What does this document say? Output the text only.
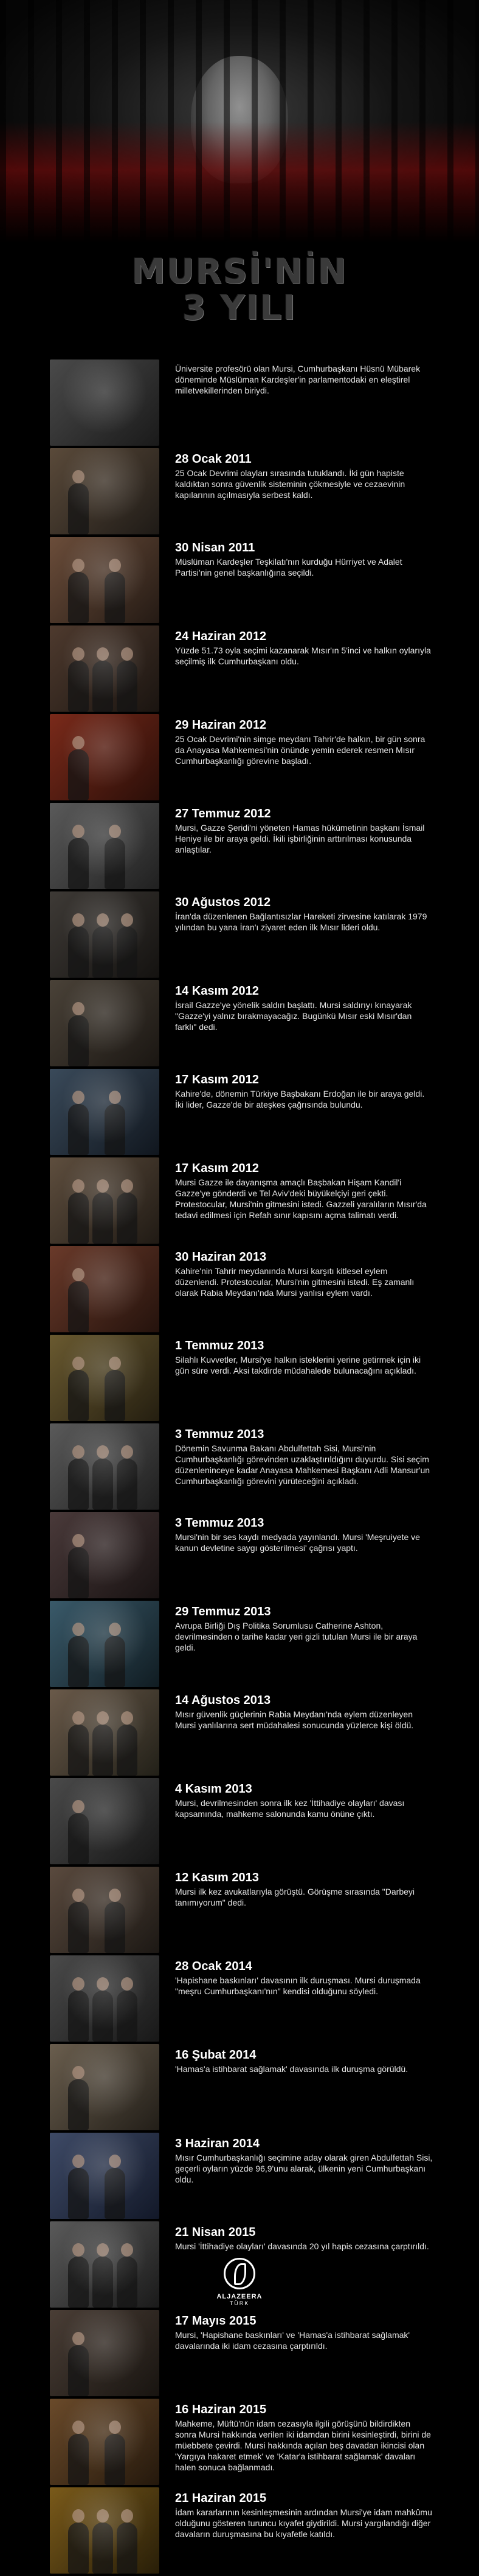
MURSİ'NİN
3 YILI
Üniversite profesörü olan Mursi, Cumhurbaşkanı Hüsnü Mübarek döneminde Müslüman Kardeşler'in parlamentodaki en eleştirel milletvekillerinden biriydi.
28 Ocak 2011
25 Ocak Devrimi olayları sırasında tutuklandı. İki gün hapiste kaldıktan sonra güvenlik sisteminin çökmesiyle ve cezaevinin kapılarının açılmasıyla serbest kaldı.
30 Nisan 2011
Müslüman Kardeşler Teşkilatı'nın kurduğu Hürriyet ve Adalet Partisi'nin genel başkanlığına seçildi.
24 Haziran 2012
Yüzde 51.73 oyla seçimi kazanarak Mısır'ın 5'inci ve halkın oylarıyla seçilmiş ilk Cumhurbaşkanı oldu.
29 Haziran 2012
25 Ocak Devrimi'nin simge meydanı Tahrir'de halkın, bir gün sonra da Anayasa Mahkemesi'nin önünde yemin ederek resmen Mısır Cumhurbaşkanlığı görevine başladı.
27 Temmuz 2012
Mursi, Gazze Şeridi'ni yöneten Hamas hükümetinin başkanı İsmail Heniye ile bir araya geldi. İkili işbirliğinin arttırılması konusunda anlaştılar.
30 Ağustos 2012
İran'da düzenlenen Bağlantısızlar Hareketi zirvesine katılarak 1979 yılından bu yana İran'ı ziyaret eden ilk Mısır lideri oldu.
14 Kasım 2012
İsrail Gazze'ye yönelik saldırı başlattı. Mursi saldırıyı kınayarak "Gazze'yi yalnız bırakmayacağız. Bugünkü Mısır eski Mısır'dan farklı" dedi.
17 Kasım 2012
Kahire'de, dönemin Türkiye Başbakanı Erdoğan ile bir araya geldi. İki lider, Gazze'de bir ateşkes çağrısında bulundu.
17 Kasım 2012
Mursi Gazze ile dayanışma amaçlı Başbakan Hişam Kandil'i Gazze'ye gönderdi ve Tel Aviv'deki büyükelçiyi geri çekti. Protestocular, Mursi'nin gitmesini istedi. Gazzeli yaralıların Mısır'da tedavi edilmesi için Refah sınır kapısını açma talimatı verdi.
30 Haziran 2013
Kahire'nin Tahrir meydanında Mursi karşıtı kitlesel eylem düzenlendi. Protestocular, Mursi'nin gitmesini istedi. Eş zamanlı olarak Rabia Meydanı'nda Mursi yanlısı eylem vardı.
1 Temmuz 2013
Silahlı Kuvvetler, Mursi'ye halkın isteklerini yerine getirmek için iki gün süre verdi. Aksi takdirde müdahalede bulunacağını açıkladı.
3 Temmuz 2013
Dönemin Savunma Bakanı Abdulfettah Sisi, Mursi'nin Cumhurbaşkanlığı görevinden uzaklaştırıldığını duyurdu. Sisi seçim düzenleninceye kadar Anayasa Mahkemesi Başkanı Adli Mansur'un Cumhurbaşkanlığı görevini yürüteceğini açıkladı.
3 Temmuz 2013
Mursi'nin bir ses kaydı medyada yayınlandı. Mursi 'Meşruiyete ve kanun devletine saygı gösterilmesi' çağrısı yaptı.
29 Temmuz 2013
Avrupa Birliği Dış Politika Sorumlusu Catherine Ashton, devrilmesinden o tarihe kadar yeri gizli tutulan Mursi ile bir araya geldi.
14 Ağustos 2013
Mısır güvenlik güçlerinin Rabia Meydanı'nda eylem düzenleyen Mursi yanlılarına sert müdahalesi sonucunda yüzlerce kişi öldü.
4 Kasım 2013
Mursi, devrilmesinden sonra ilk kez 'İttihadiye olayları' davası kapsamında, mahkeme salonunda kamu önüne çıktı.
12 Kasım 2013
Mursi ilk kez avukatlarıyla görüştü. Görüşme sırasında "Darbeyi tanımıyorum" dedi.
28 Ocak 2014
'Hapishane baskınları' davasının ilk duruşması. Mursi duruşmada "meşru Cumhurbaşkanı'nın" kendisi olduğunu söyledi.
16 Şubat 2014
'Hamas'a istihbarat sağlamak' davasında ilk duruşma görüldü.
3 Haziran 2014
Mısır Cumhurbaşkanlığı seçimine aday olarak giren Abdulfettah Sisi, geçerli oyların yüzde 96,9'unu alarak, ülkenin yeni Cumhurbaşkanı oldu.
21 Nisan 2015
Mursi 'İttihadiye olayları' davasında 20 yıl hapis cezasına çarptırıldı.
17 Mayıs 2015
Mursi, 'Hapishane baskınları' ve 'Hamas'a istihbarat sağlamak' davalarında iki idam cezasına çarptırıldı.
16 Haziran 2015
Mahkeme, Müftü'nün idam cezasıyla ilgili görüşünü bildirdikten sonra Mursi hakkında verilen iki idamdan birini kesinleştirdi, birini de müebbete çevirdi. Mursi hakkında açılan beş davadan ikincisi olan 'Yargıya hakaret etmek' ve 'Katar'a istihbarat sağlamak' davaları halen sonuca bağlanmadı.
21 Haziran 2015
İdam kararlarının kesinleşmesinin ardından Mursi'ye idam mahkûmu olduğunu gösteren turuncu kıyafet giydirildi. Mursi yargılandığı diğer davaların duruşmasına bu kıyafetle katıldı.
ALJAZEERA
TÜRK
